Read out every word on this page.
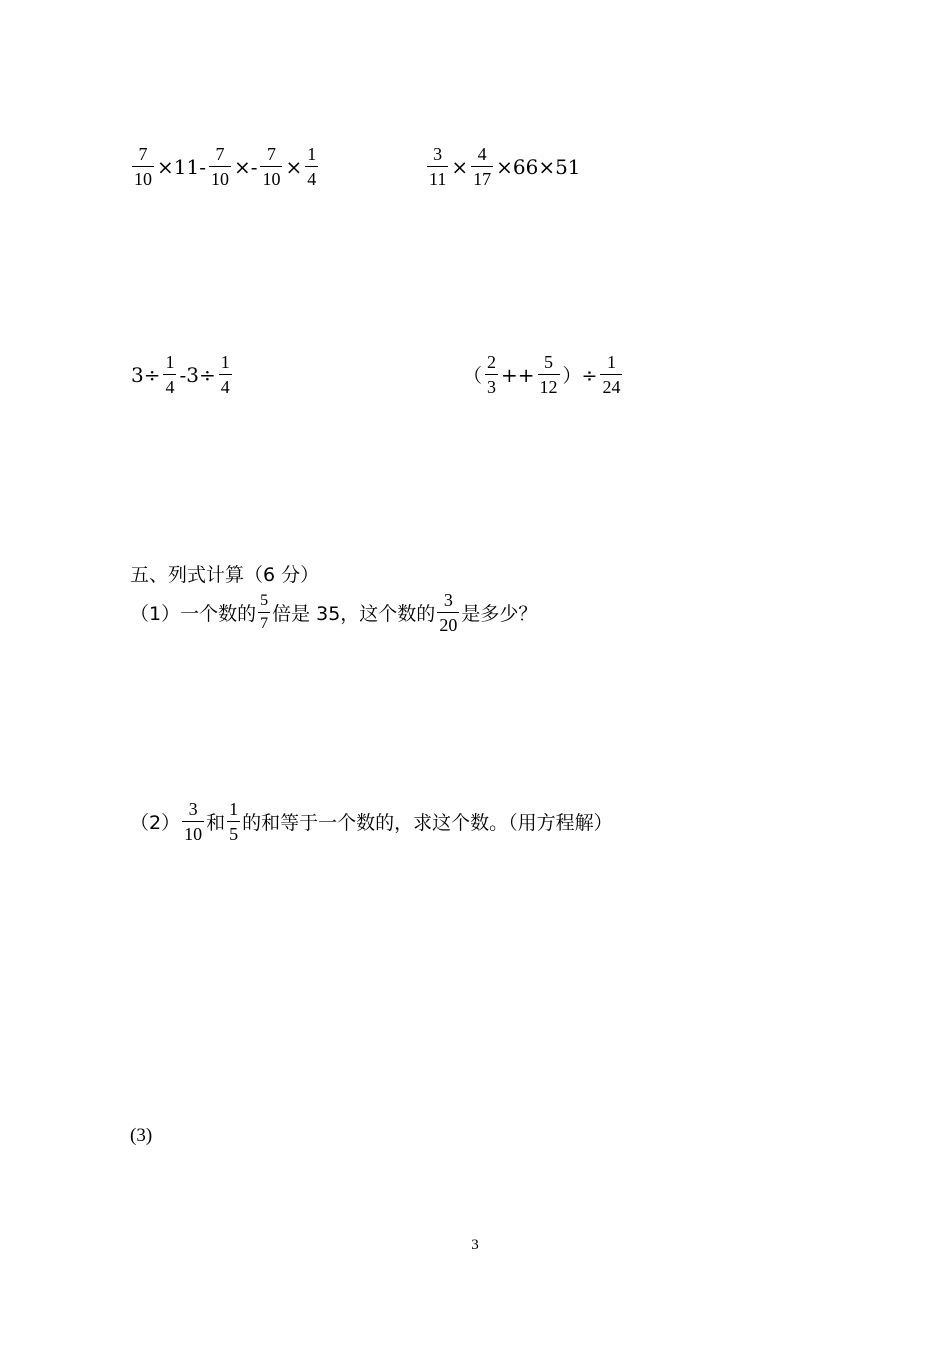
$\frac{7}{10} \times 11- \frac{7}{10} \times- \frac{7}{10} \times \frac{1}{4}$	$\frac{3}{11} \times \frac{4}{17} \times 66\times 51$
$3\div \frac{1}{4} -3\div \frac{1}{4}$	（ $\frac{2}{3} ++ \frac{5}{12}$ ）÷ $\frac{1}{24}$
五、列式计算（6 分）
（1）一个数的 $\frac{5}{7}$ 倍是 35，这个数的 $\frac{3}{20}$ 是多少？
$(2) \frac{3}{10}$ 和 $\frac{1}{5}$ 的和等于一个数的，求这个数。（用方程解）
(3)
3
